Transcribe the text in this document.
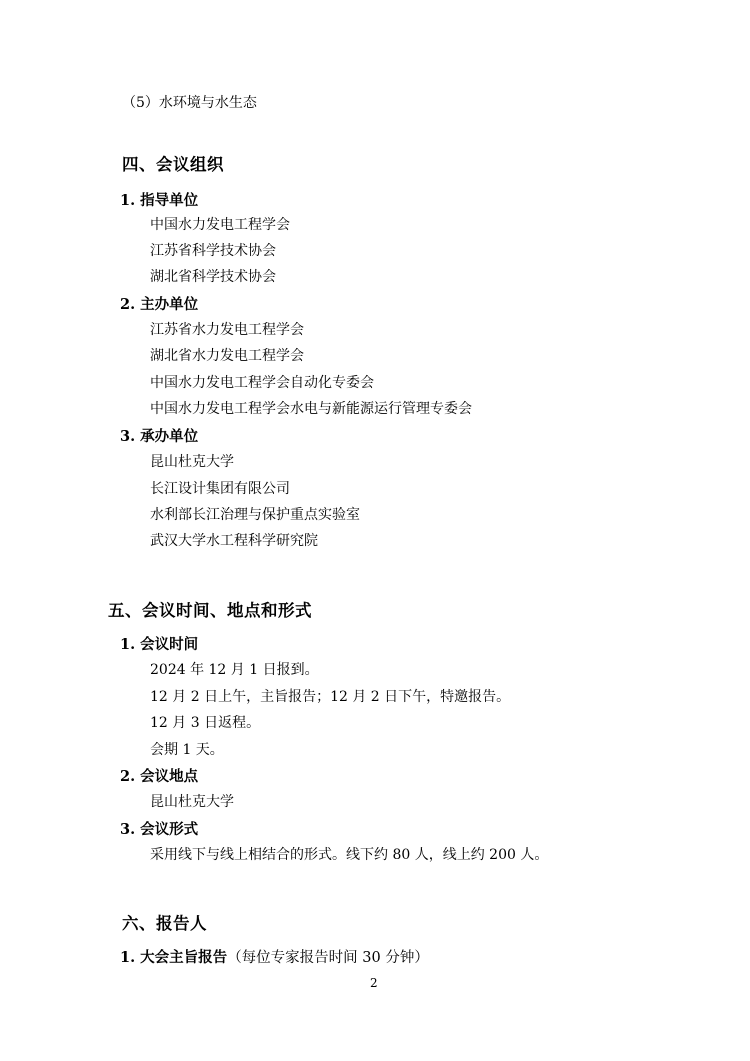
（5）水环境与水生态
四、会议组织
1. 指导单位
中国水力发电工程学会
江苏省科学技术协会
湖北省科学技术协会
2. 主办单位
江苏省水力发电工程学会
湖北省水力发电工程学会
中国水力发电工程学会自动化专委会
中国水力发电工程学会水电与新能源运行管理专委会
3. 承办单位
昆山杜克大学
长江设计集团有限公司
水利部长江治理与保护重点实验室
武汉大学水工程科学研究院
五、会议时间、地点和形式
1. 会议时间
2024 年 12 月 1 日报到。
12 月 2 日上午，主旨报告；12 月 2 日下午，特邀报告。
12 月 3 日返程。
会期 1 天。
2. 会议地点
昆山杜克大学
3. 会议形式
采用线下与线上相结合的形式。线下约 80 人，线上约 200 人。
六、报告人
1. 大会主旨报告（每位专家报告时间 30 分钟）
2
